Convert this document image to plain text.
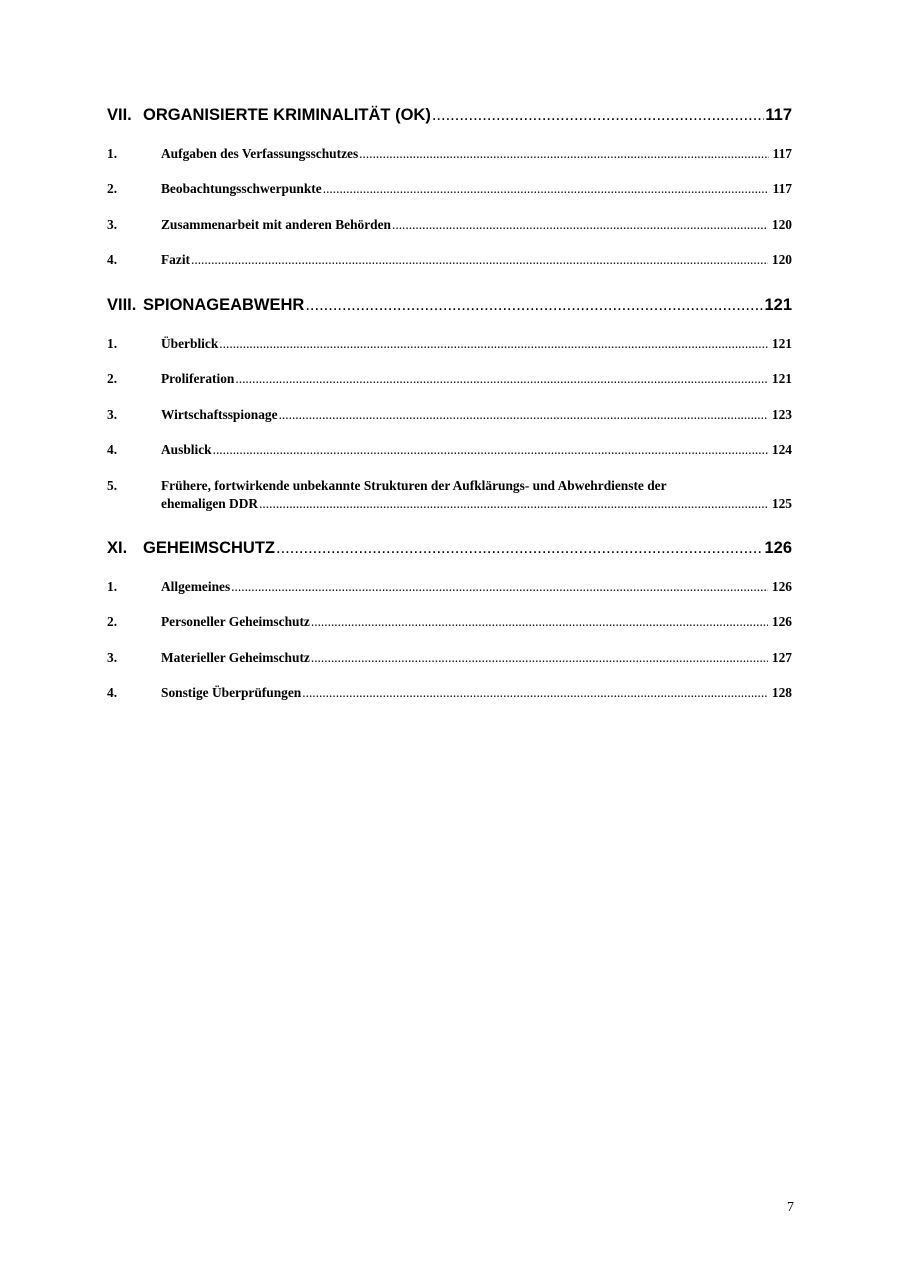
VII. ORGANISIERTE KRIMINALITÄT (OK) .....	117
1.	Aufgaben des Verfassungsschutzes .....	117
2.	Beobachtungsschwerpunkte .....	117
3.	Zusammenarbeit mit anderen Behörden .....	120
4.	Fazit .....	120
VIII. SPIONAGEABWEHR .....	121
1.	Überblick .....	121
2.	Proliferation .....	121
3.	Wirtschaftsspionage .....	123
4.	Ausblick .....	124
5.	Frühere, fortwirkende unbekannte Strukturen der Aufklärungs- und Abwehrdienste der
ehemaligen DDR .....	125
XI. GEHEIMSCHUTZ .....	126
1.	Allgemeines .....	126
2.	Personeller Geheimschutz .....	126
3.	Materieller Geheimschutz .....	127
4.	Sonstige Überprüfungen .....	128
7
